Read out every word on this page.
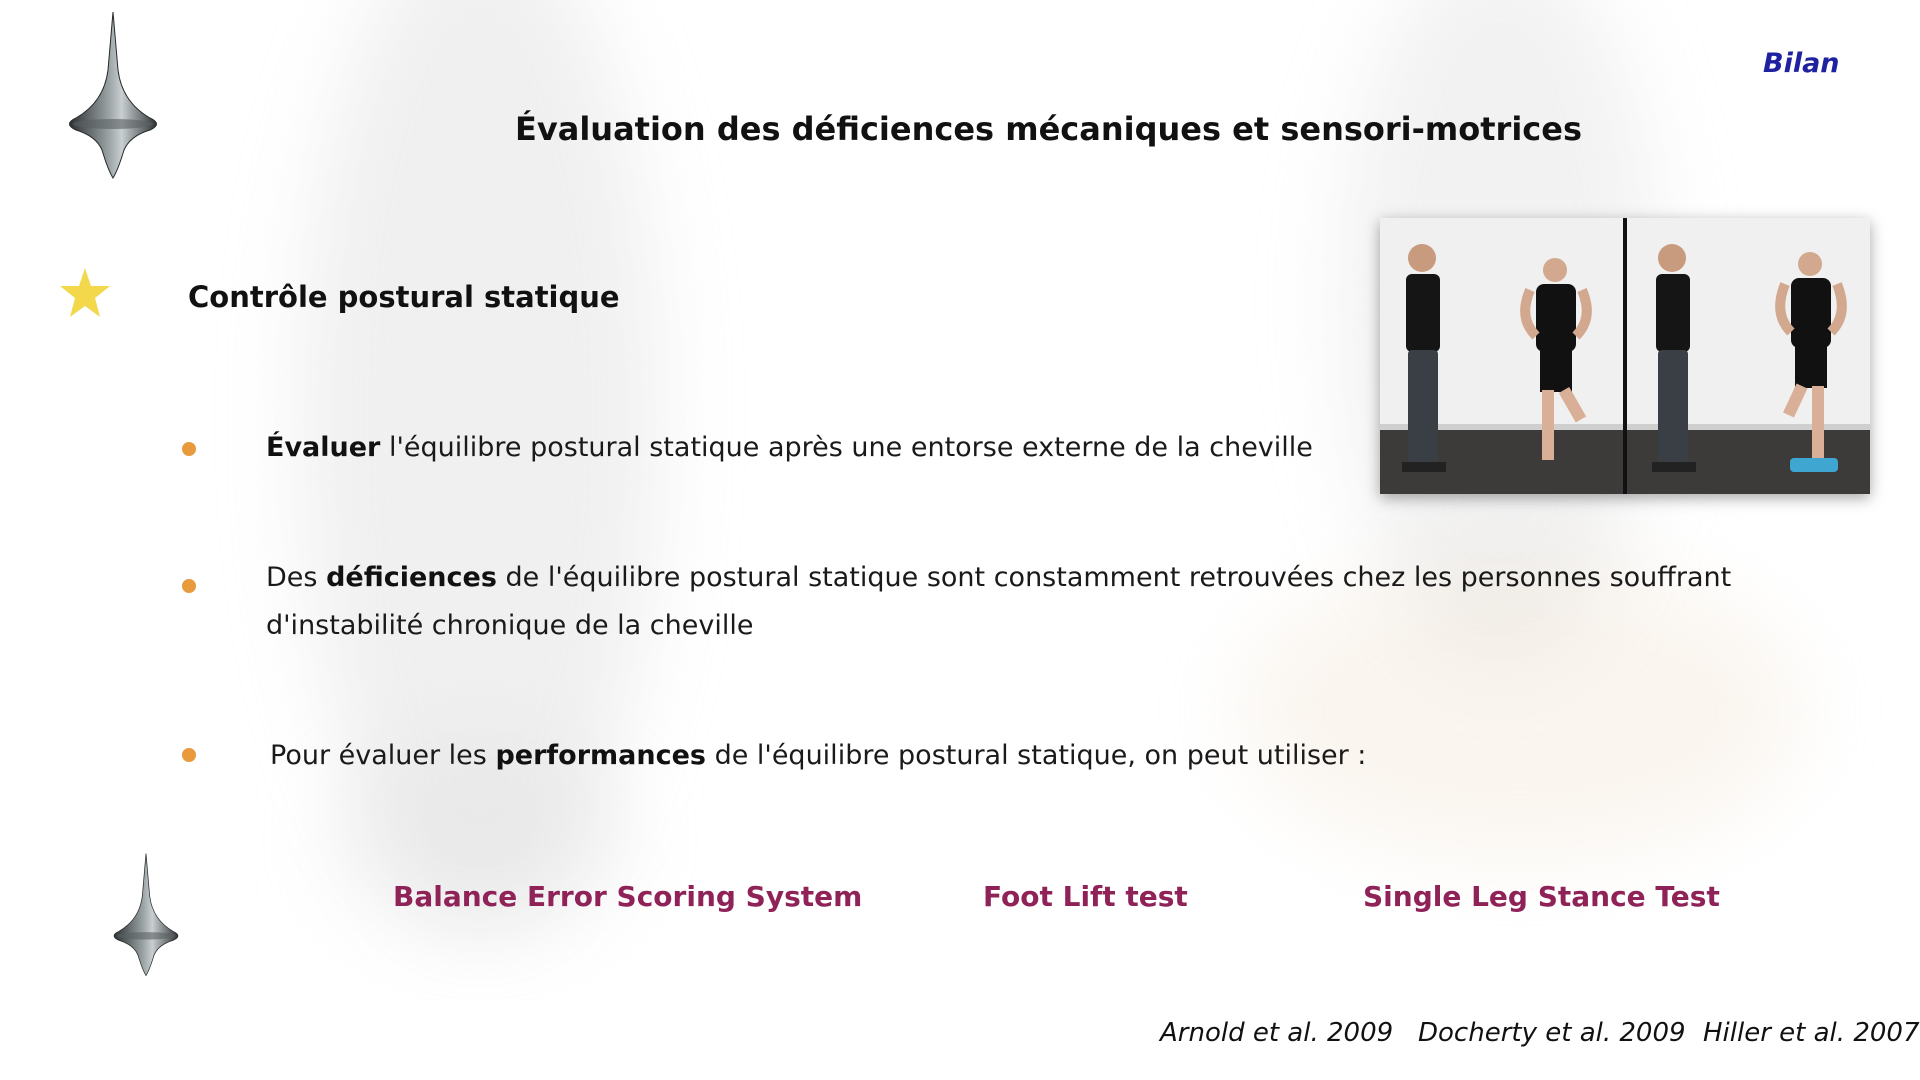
Bilan
Évaluation des déficiences mécaniques et sensori-motrices
Contrôle postural statique
Évaluer l'équilibre postural statique après une entorse externe de la cheville
Des déficiences de l'équilibre postural statique sont constamment retrouvées chez les personnes souffrant d'instabilité chronique de la cheville
Pour évaluer les performances de l'équilibre postural statique, on peut utiliser :
Balance Error Scoring System	Foot Lift test	Single Leg Stance Test
Arnold et al. 2009 Docherty et al. 2009 Hiller et al. 2007
